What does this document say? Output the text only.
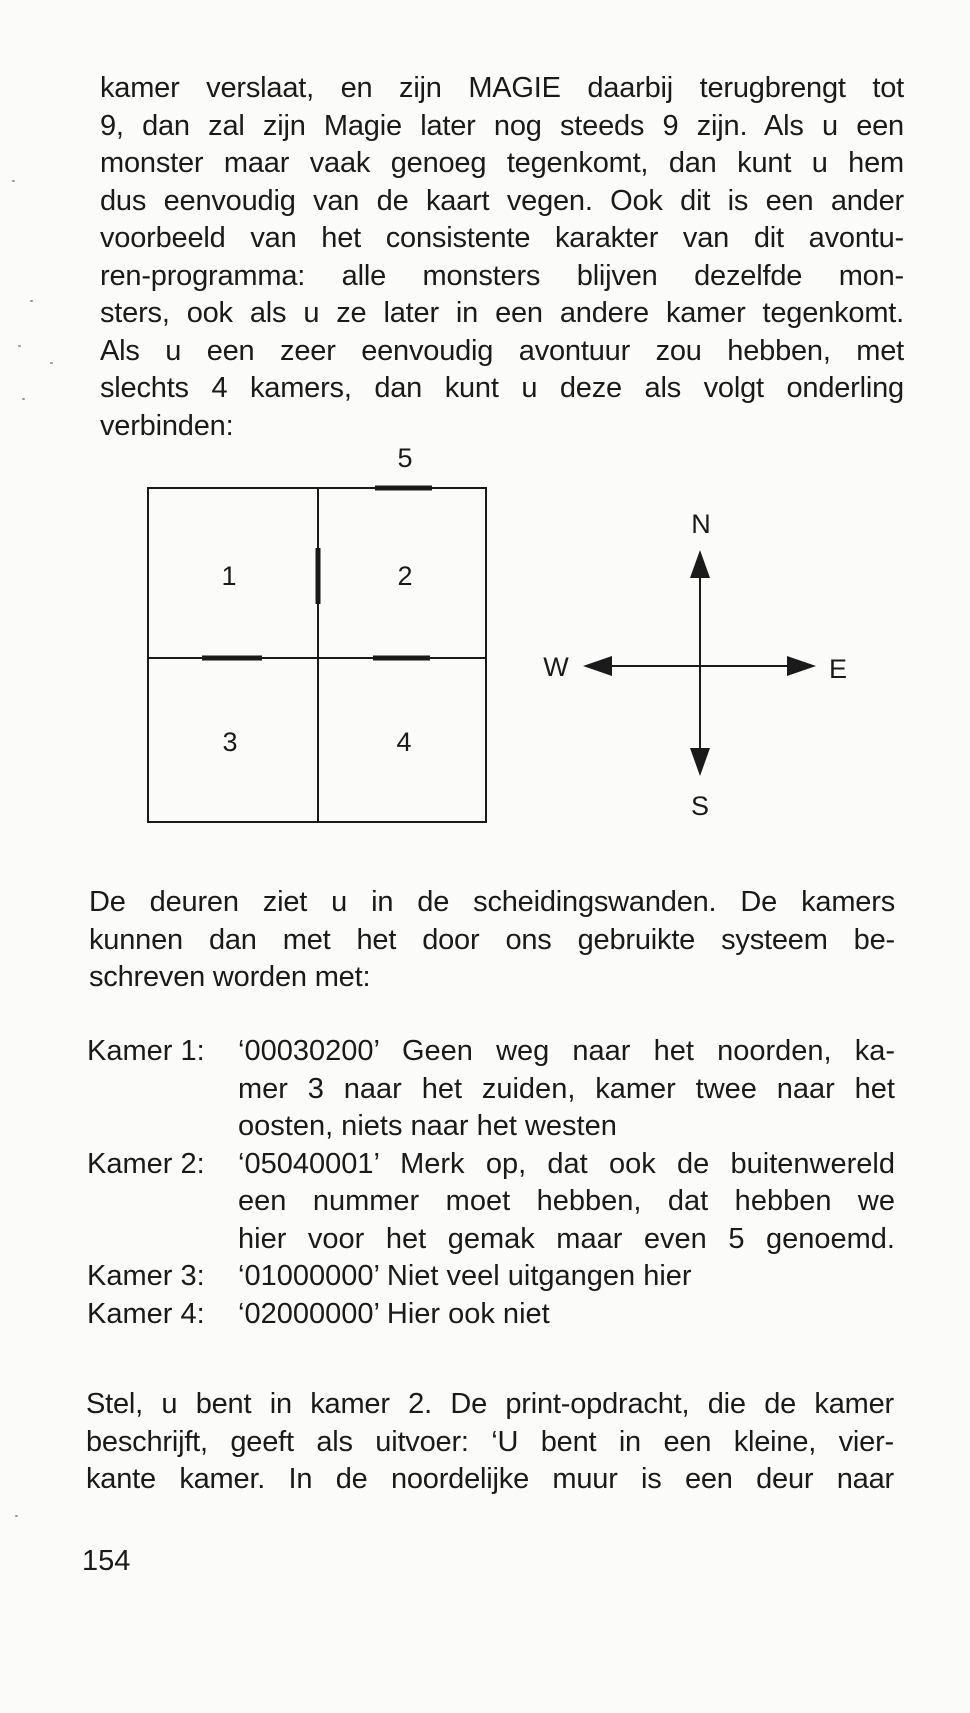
kamer verslaat, en zijn MAGIE daarbij terugbrengt tot
9, dan zal zijn Magie later nog steeds 9 zijn. Als u een
monster maar vaak genoeg tegenkomt, dan kunt u hem
dus eenvoudig van de kaart vegen. Ook dit is een ander
voorbeeld van het consistente karakter van dit avontu-
ren-programma: alle monsters blijven dezelfde mon-
sters, ook als u ze later in een andere kamer tegenkomt.
Als u een zeer eenvoudig avontuur zou hebben, met
slechts 4 kamers, dan kunt u deze als volgt onderling
verbinden:
5
1	2
3	4
N
S
W	E
De deuren ziet u in de scheidingswanden. De kamers
kunnen dan met het door ons gebruikte systeem be-
schreven worden met:
Kamer 1:	‘00030200’ Geen weg naar het noorden, ka-
mer 3 naar het zuiden, kamer twee naar het
oosten, niets naar het westen
Kamer 2:	‘05040001’ Merk op, dat ook de buitenwereld
een nummer moet hebben, dat hebben we
hier voor het gemak maar even 5 genoemd.
Kamer 3:	‘01000000’ Niet veel uitgangen hier
Kamer 4:	‘02000000’ Hier ook niet
Stel, u bent in kamer 2. De print-opdracht, die de kamer
beschrijft, geeft als uitvoer: ‘U bent in een kleine, vier-
kante kamer. In de noordelijke muur is een deur naar
154
